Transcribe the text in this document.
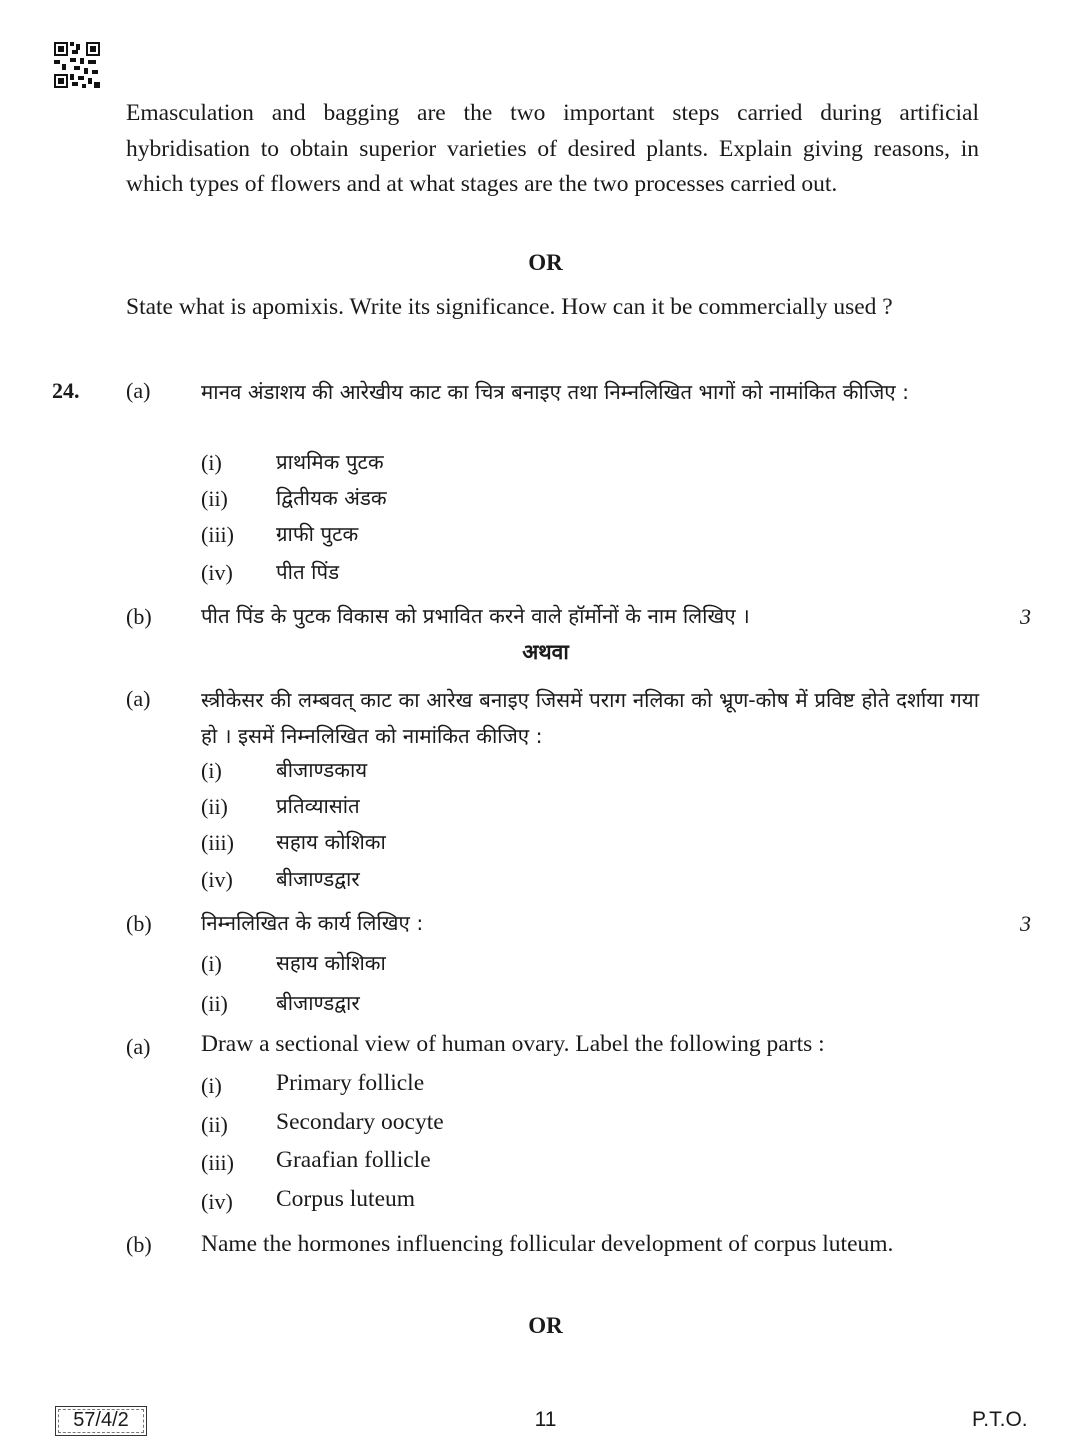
Emasculation and bagging are the two important steps carried during artificial hybridisation to obtain superior varieties of desired plants. Explain giving reasons, in which types of flowers and at what stages are the two processes carried out.
OR
State what is apomixis. Write its significance. How can it be commercially used ?
24. (a) मानव अंडाशय की आरेखीय काट का चित्र बनाइए तथा निम्नलिखित भागों को नामांकित कीजिए :
(i)	प्राथमिक पुटक
(ii) द्वितीयक अंडक
(iii) ग्राफी पुटक
(iv) पीत पिंड
(b) पीत पिंड के पुटक विकास को प्रभावित करने वाले हॉर्मोनों के नाम लिखिए ।	3
अथवा
(a) स्त्रीकेसर की लम्बवत् काट का आरेख बनाइए जिसमें पराग नलिका को भ्रूण-कोष में प्रविष्ट होते दर्शाया गया हो । इसमें निम्नलिखित को नामांकित कीजिए :
(i)	बीजाण्डकाय
(ii) प्रतिव्यासांत
(iii) सहाय कोशिका
(iv) बीजाण्डद्वार
(b) निम्नलिखित के कार्य लिखिए :	3
(i)	सहाय कोशिका
(ii) बीजाण्डद्वार
(a) Draw a sectional view of human ovary. Label the following parts :
(i) Primary follicle
(ii) Secondary oocyte
(iii) Graafian follicle
(iv) Corpus luteum
(b) Name the hormones influencing follicular development of corpus luteum.
OR
57/4/2	11	P.T.O.
